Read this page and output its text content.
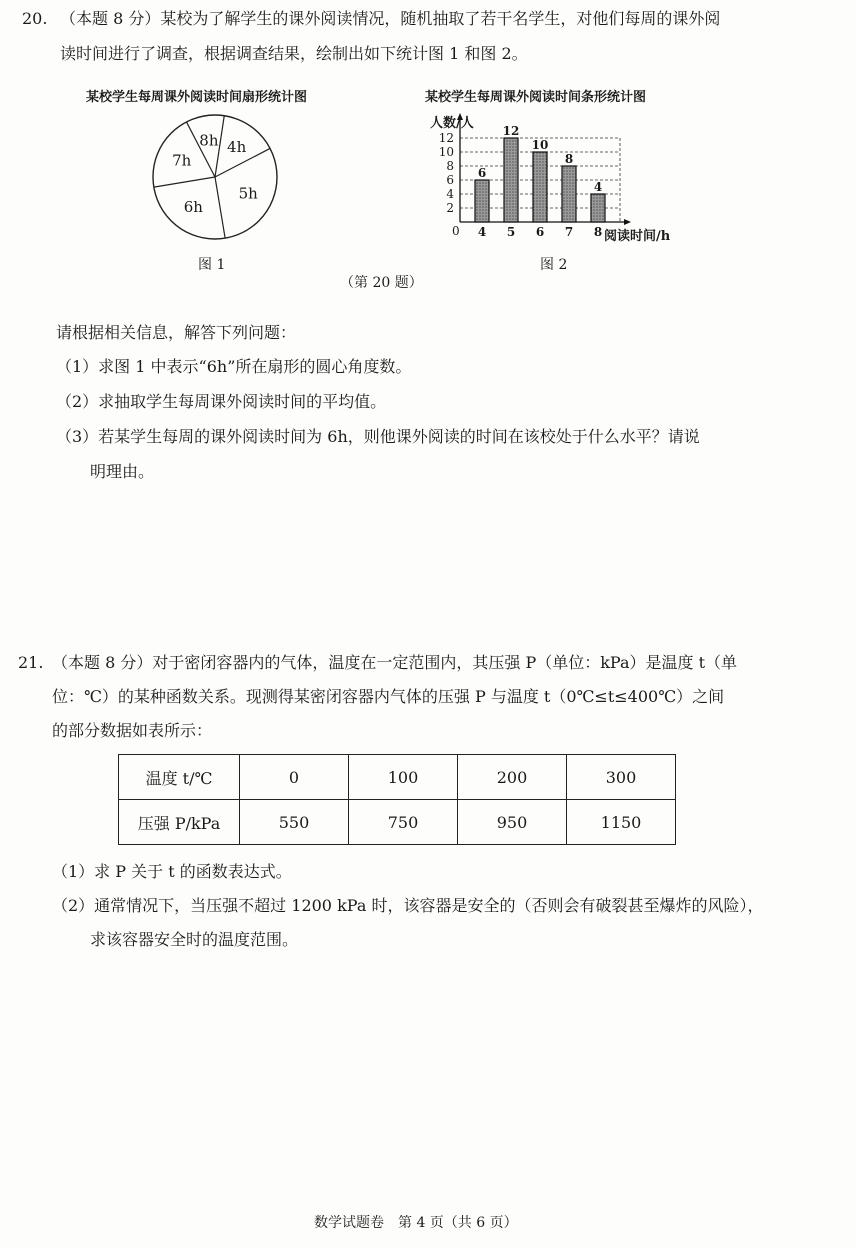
20. （本题 8 分）某校为了解学生的课外阅读情况，随机抽取了若干名学生，对他们每周的课外阅
读时间进行了调查，根据调查结果，绘制出如下统计图 1 和图 2。
某校学生每周课外阅读时间扇形统计图	某校学生每周课外阅读时间条形统计图
4h
5h
6h
7h
8h
2
4
6
8
10
12
人数/人
阅读时间/h
0
6
4
12
5
10
6
8
7
4
8
图 1	图 2
（第 20 题）
请根据相关信息，解答下列问题：
（1）求图 1 中表示“6h”所在扇形的圆心角度数。
（2）求抽取学生每周课外阅读时间的平均值。
（3）若某学生每周的课外阅读时间为 6h，则他课外阅读的时间在该校处于什么水平？请说
明理由。
21. （本题 8 分）对于密闭容器内的气体，温度在一定范围内，其压强 P（单位：kPa）是温度 t（单
位：℃）的某种函数关系。现测得某密闭容器内气体的压强 P 与温度 t（0℃≤t≤400℃）之间
的部分数据如表所示：
温度 t/℃	0	100	200	300
压强 P/kPa	550	750	950	1150
（1）求 P 关于 t 的函数表达式。
（2）通常情况下，当压强不超过 1200 kPa 时，该容器是安全的（否则会有破裂甚至爆炸的风险），
求该容器安全时的温度范围。
数学试题卷　第 4 页（共 6 页）
